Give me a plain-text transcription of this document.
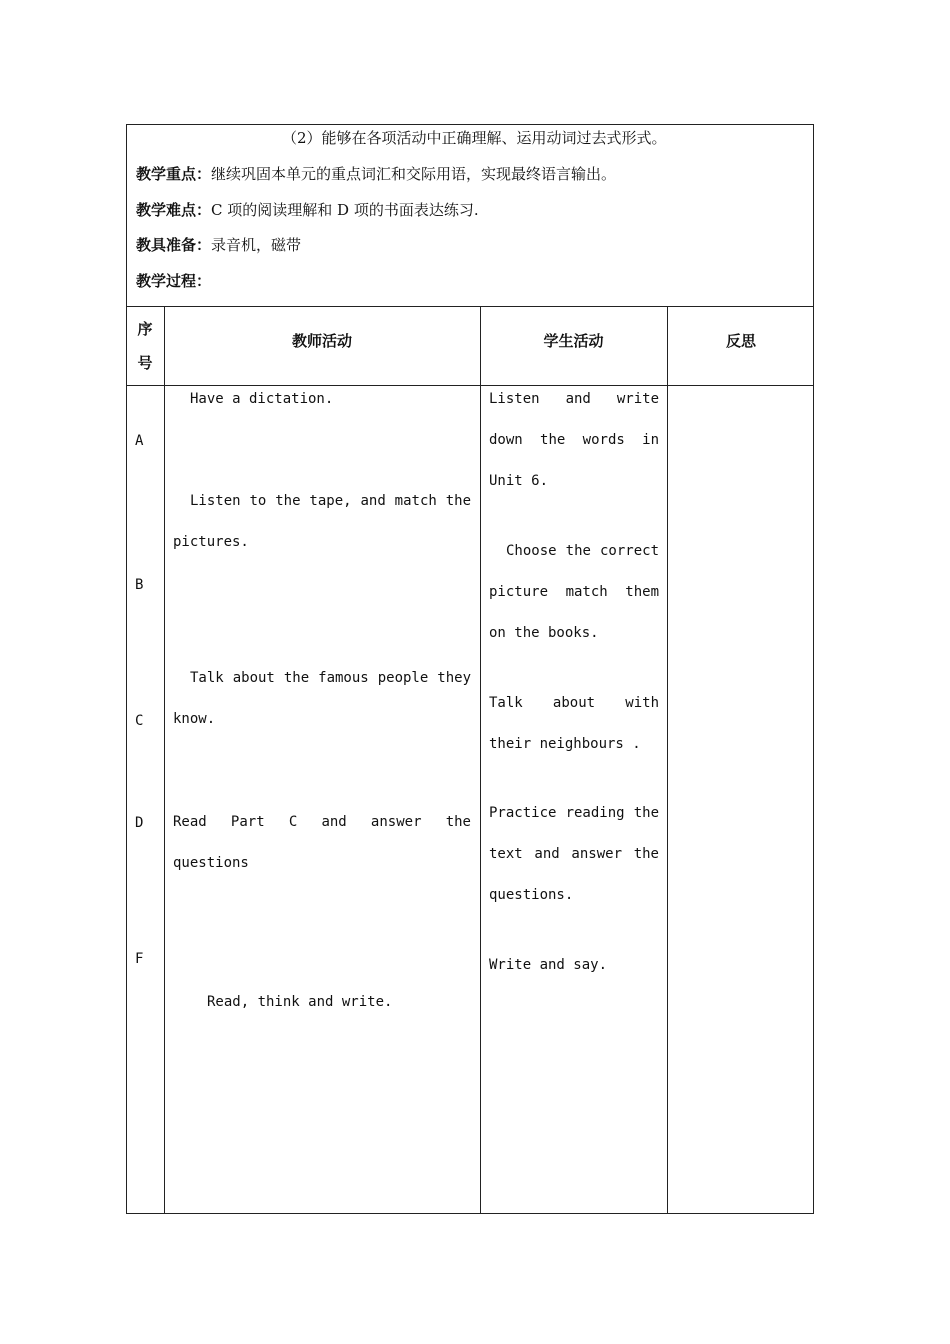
（2）能够在各项活动中正确理解、运用动词过去式形式。
教学重点：继续巩固本单元的重点词汇和交际用语，实现最终语言输出。
教学难点：C 项的阅读理解和 D 项的书面表达练习.
教具准备：录音机，磁带
教学过程：
序
号
教师活动	学生活动	反思
A
B
C
D
F
Have a dictation.
Listen to the tape, and match the pictures.
Talk about the famous people they know.
Read Part C and answer the questions
Read, think and write.
Listen and write down the words in Unit 6.
Choose the correct picture match them on the books.
Talk about with their neighbours .
Practice reading the text and answer the questions.
Write and say.
